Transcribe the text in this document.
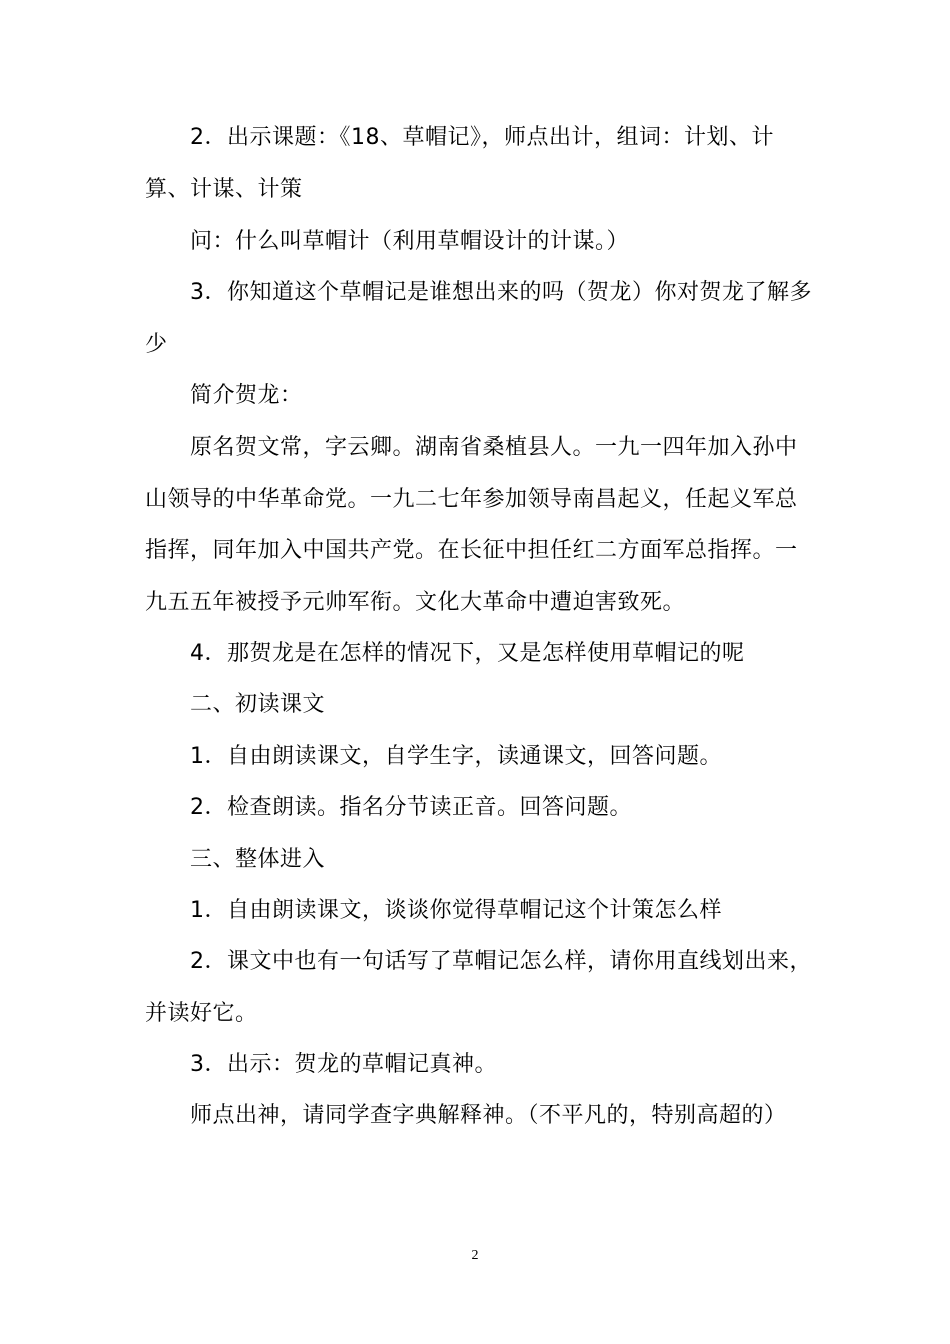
2．出示课题：《18、草帽记》，师点出计，组词：计划、计
算、计谋、计策
问：什么叫草帽计（利用草帽设计的计谋。）
3．你知道这个草帽记是谁想出来的吗（贺龙）你对贺龙了解多
少
简介贺龙：
原名贺文常，字云卿。湖南省桑植县人。一九一四年加入孙中
山领导的中华革命党。一九二七年参加领导南昌起义，任起义军总
指挥，同年加入中国共产党。在长征中担任红二方面军总指挥。一
九五五年被授予元帅军衔。文化大革命中遭迫害致死。
4．那贺龙是在怎样的情况下，又是怎样使用草帽记的呢
二、初读课文
1．自由朗读课文，自学生字，读通课文，回答问题。
2．检查朗读。指名分节读正音。回答问题。
三、整体进入
1．自由朗读课文，谈谈你觉得草帽记这个计策怎么样
2．课文中也有一句话写了草帽记怎么样，请你用直线划出来，
并读好它。
3．出示：贺龙的草帽记真神。
师点出神，请同学查字典解释神。（不平凡的，特别高超的）
2
